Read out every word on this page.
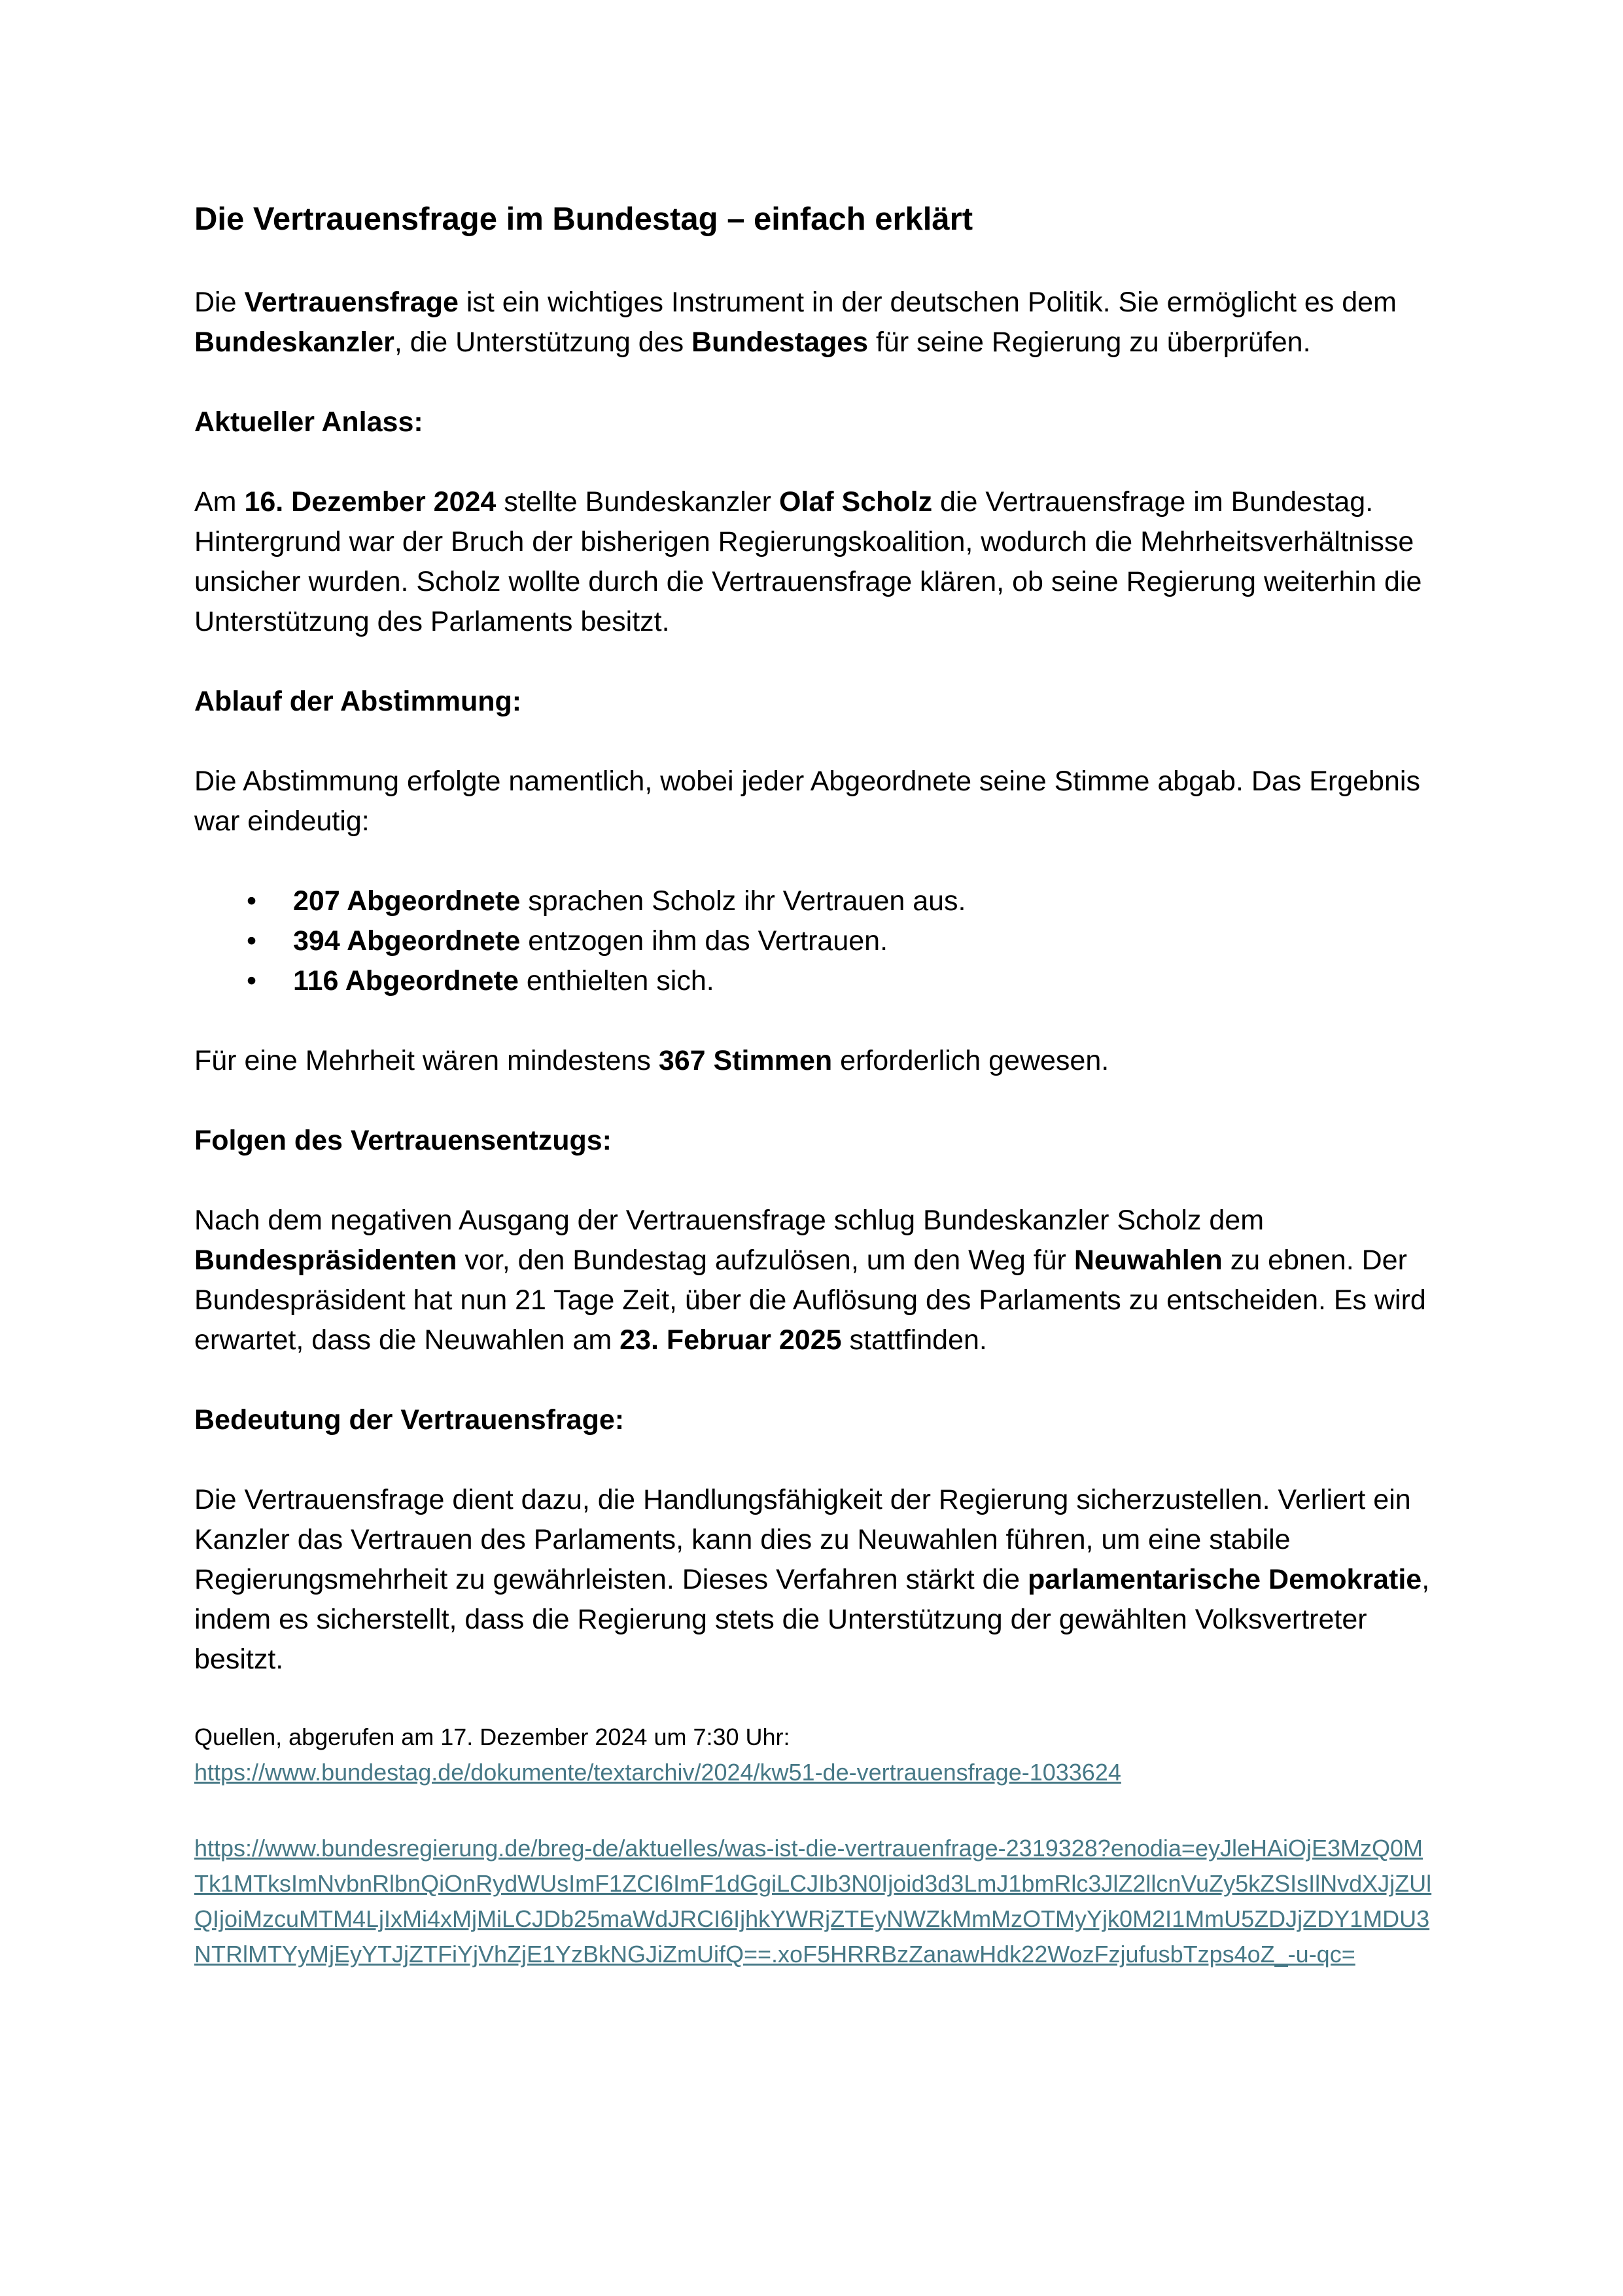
Die Vertrauensfrage im Bundestag – einfach erklärt

Die Vertrauensfrage ist ein wichtiges Instrument in der deutschen Politik. Sie ermöglicht es dem Bundeskanzler, die Unterstützung des Bundestages für seine Regierung zu überprüfen.

Aktueller Anlass:

Am 16. Dezember 2024 stellte Bundeskanzler Olaf Scholz die Vertrauensfrage im Bundestag. Hintergrund war der Bruch der bisherigen Regierungskoalition, wodurch die Mehrheitsverhältnisse unsicher wurden. Scholz wollte durch die Vertrauensfrage klären, ob seine Regierung weiterhin die Unterstützung des Parlaments besitzt.

Ablauf der Abstimmung:

Die Abstimmung erfolgte namentlich, wobei jeder Abgeordnete seine Stimme abgab. Das Ergebnis war eindeutig:

• 207 Abgeordnete sprachen Scholz ihr Vertrauen aus.
• 394 Abgeordnete entzogen ihm das Vertrauen.
• 116 Abgeordnete enthielten sich.

Für eine Mehrheit wären mindestens 367 Stimmen erforderlich gewesen.

Folgen des Vertrauensentzugs:

Nach dem negativen Ausgang der Vertrauensfrage schlug Bundeskanzler Scholz dem Bundespräsidenten vor, den Bundestag aufzulösen, um den Weg für Neuwahlen zu ebnen. Der Bundespräsident hat nun 21 Tage Zeit, über die Auflösung des Parlaments zu entscheiden. Es wird erwartet, dass die Neuwahlen am 23. Februar 2025 stattfinden.

Bedeutung der Vertrauensfrage:

Die Vertrauensfrage dient dazu, die Handlungsfähigkeit der Regierung sicherzustellen. Verliert ein Kanzler das Vertrauen des Parlaments, kann dies zu Neuwahlen führen, um eine stabile Regierungsmehrheit zu gewährleisten. Dieses Verfahren stärkt die parlamentarische Demokratie, indem es sicherstellt, dass die Regierung stets die Unterstützung der gewählten Volksvertreter besitzt.

Quellen, abgerufen am 17. Dezember 2024 um 7:30 Uhr:

https://www.bundestag.de/dokumente/textarchiv/2024/kw51-de-vertrauensfrage-1033624
https://www.bundesregierung.de/breg-de/aktuelles/was-ist-die-vertrauenfrage-2319328?enodia=eyJleHAiOjE3MzQ0MTk1MTksImNvbnRlbnQiOnRydWUsImF1ZCI6ImF1dGgiLCJIb3N0Ijoid3d3LmJ1bmRlc3JlZ2llcnVuZy5kZSIsIlNvdXJjZUlQIjoiMzcuMTM4LjIxMi4xMjMiLCJDb25maWdJRCI6IjhkYWRjZTEyNWZkMmMzOTMyYjk0M2I1MmU5ZDJjZDY1MDU3NTRlMTYyMjEyYTJjZTFiYjVhZjE1YzBkNGJiZmUifQ==.xoF5HRRBzZanawHdk22WozFzjufusbTzps4oZ_-u-qc=
